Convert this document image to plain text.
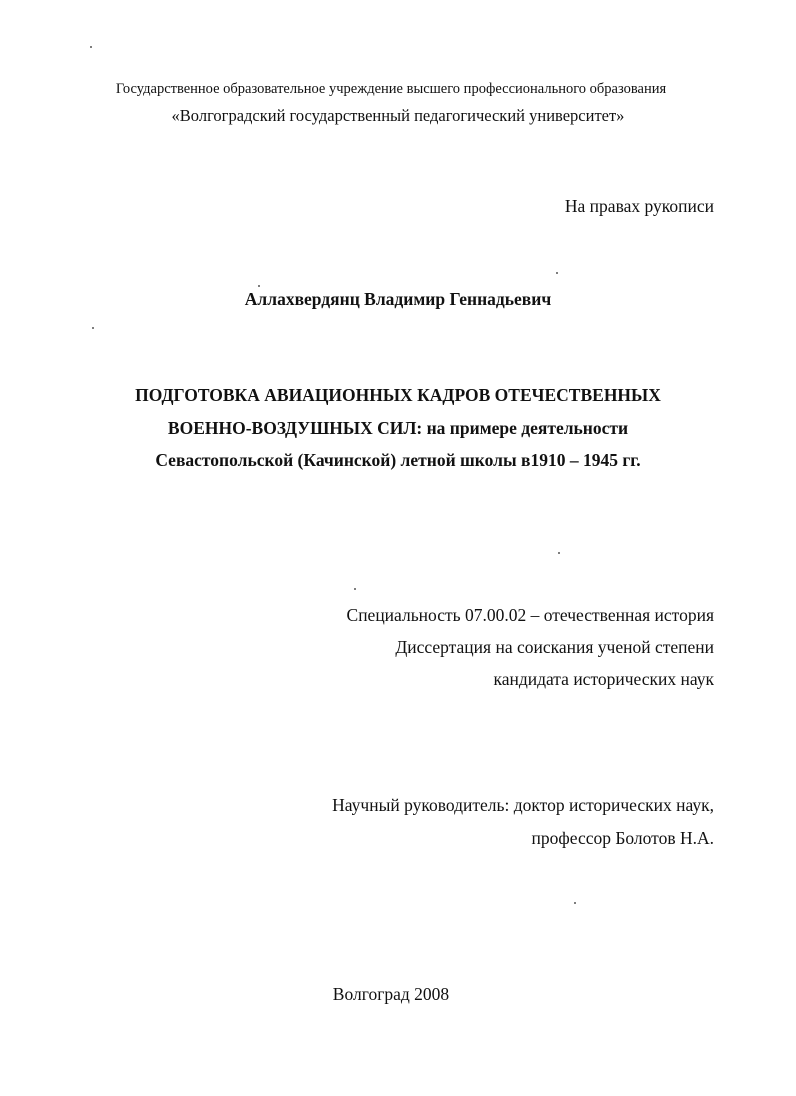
Государственное образовательное учреждение высшего профессионального образования
«Волгоградский государственный педагогический университет»
На правах рукописи
Аллахвердянц Владимир Геннадьевич
ПОДГОТОВКА АВИАЦИОННЫХ КАДРОВ ОТЕЧЕСТВЕННЫХ
ВОЕННО-ВОЗДУШНЫХ СИЛ: на примере деятельности
Севастопольской (Качинской) летной школы в1910 – 1945 гг.
Специальность 07.00.02 – отечественная история
Диссертация на соискания ученой степени
кандидата исторических наук
Научный руководитель: доктор исторических наук,
профессор Болотов Н.А.
Волгоград 2008
